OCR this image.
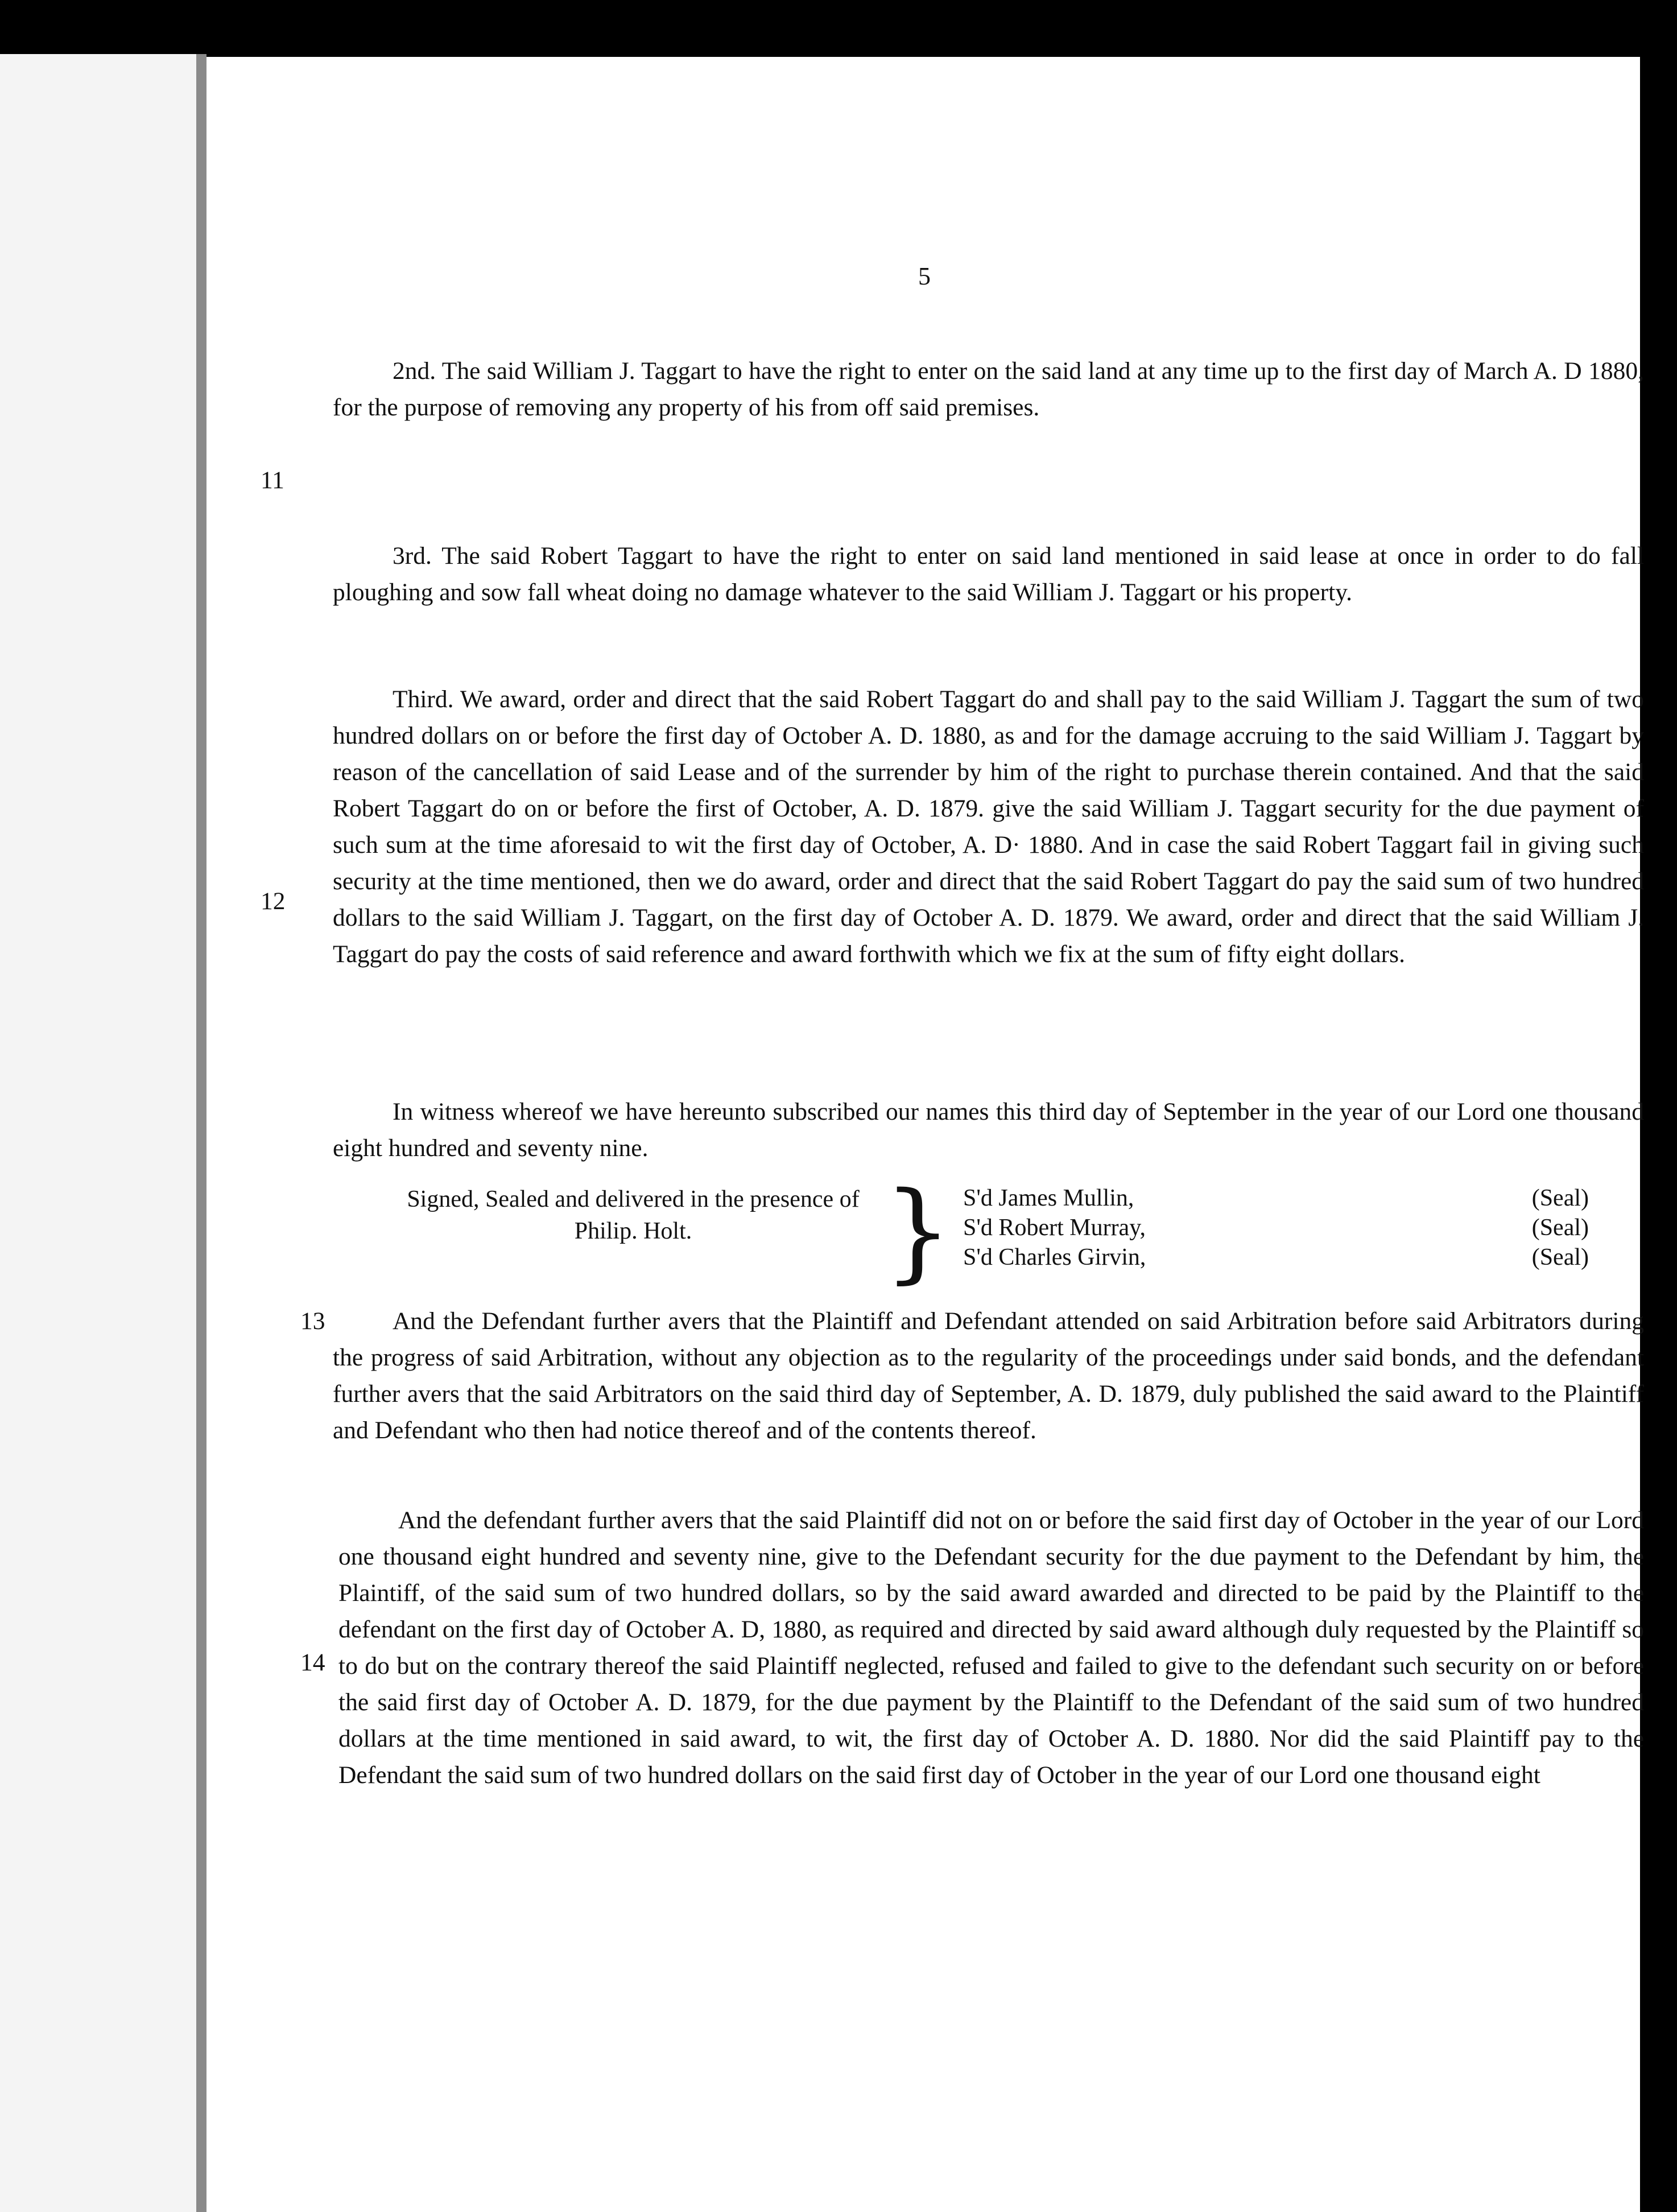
5

2nd. The said William J. Taggart to have the right to enter on the said land at any time up to the first day of March A. D 1880, for the purpose of removing any property of his from off said premises.

11

3rd. The said Robert Taggart to have the right to enter on said land mentioned in said lease at once in order to do fall ploughing and sow fall wheat doing no damage whatever to the said William J. Taggart or his property.

Third. We award, order and direct that the said Robert Taggart do and shall pay to the said William J. Taggart the sum of two hundred dollars on or before the first day of October A. D. 1880, as and for the damage accruing to the said William J. Taggart by reason of the cancellation of said Lease and of the surrender by him of the right to purchase therein contained. And that the said Robert Taggart do on or before the first of October, A. D. 1879. give the said William J. Taggart security for the due payment of such sum at the time aforesaid to wit the first day of October, A. D· 1880. And in case the said Robert Taggart fail in giving such security at the time mentioned, then we do award, order and direct that the said Robert Taggart do pay the said sum of two hundred dollars to the said William J. Taggart, on the first day of October A. D. 1879. We award, order and direct that the said William J. Taggart do pay the costs of said reference and award forthwith which we fix at the sum of fifty eight dollars.

12

In witness whereof we have hereunto subscribed our names this third day of September in the year of our Lord one thousand eight hundred and seventy nine.

Signed, Sealed and delivered in the presence of Philip. Holt.	} S'd James Mullin,	(Seal)
S'd Robert Murray,	(Seal)
S'd Charles Girvin,	(Seal)
13	And the Defendant further avers that the Plaintiff and Defendant attended on said Arbitration before said Arbitrators during the progress of said Arbitration, without any objection as to the regularity of the proceedings under said bonds, and the defendant further avers that the said Arbitrators on the said third day of September, A. D. 1879, duly published the said award to the Plaintiff and Defendant who then had notice thereof and of the contents thereof.

And the defendant further avers that the said Plaintiff did not on or before the said first day of October in the year of our Lord one thousand eight hundred and seventy nine, give to the Defendant security for the due payment to the Defendant by him, the Plaintiff, of the said sum of two hundred dollars, so by the said award awarded and directed to be paid by the Plaintiff to the defendant on the first day of October A. D, 1880, as required and directed by said award although duly requested by the Plaintiff so to do but on the contrary thereof the said Plaintiff neglected, refused and failed to give to the defendant such security on or before the said first day of October A. D. 1879, for the due payment by the Plaintiff to the Defendant of the said sum of two hundred dollars at the time mentioned in said award, to wit, the first day of October A. D. 1880. Nor did the said Plaintiff pay to the Defendant the said sum of two hundred dollars on the said first day of October in the year of our Lord one thousand eight

14
